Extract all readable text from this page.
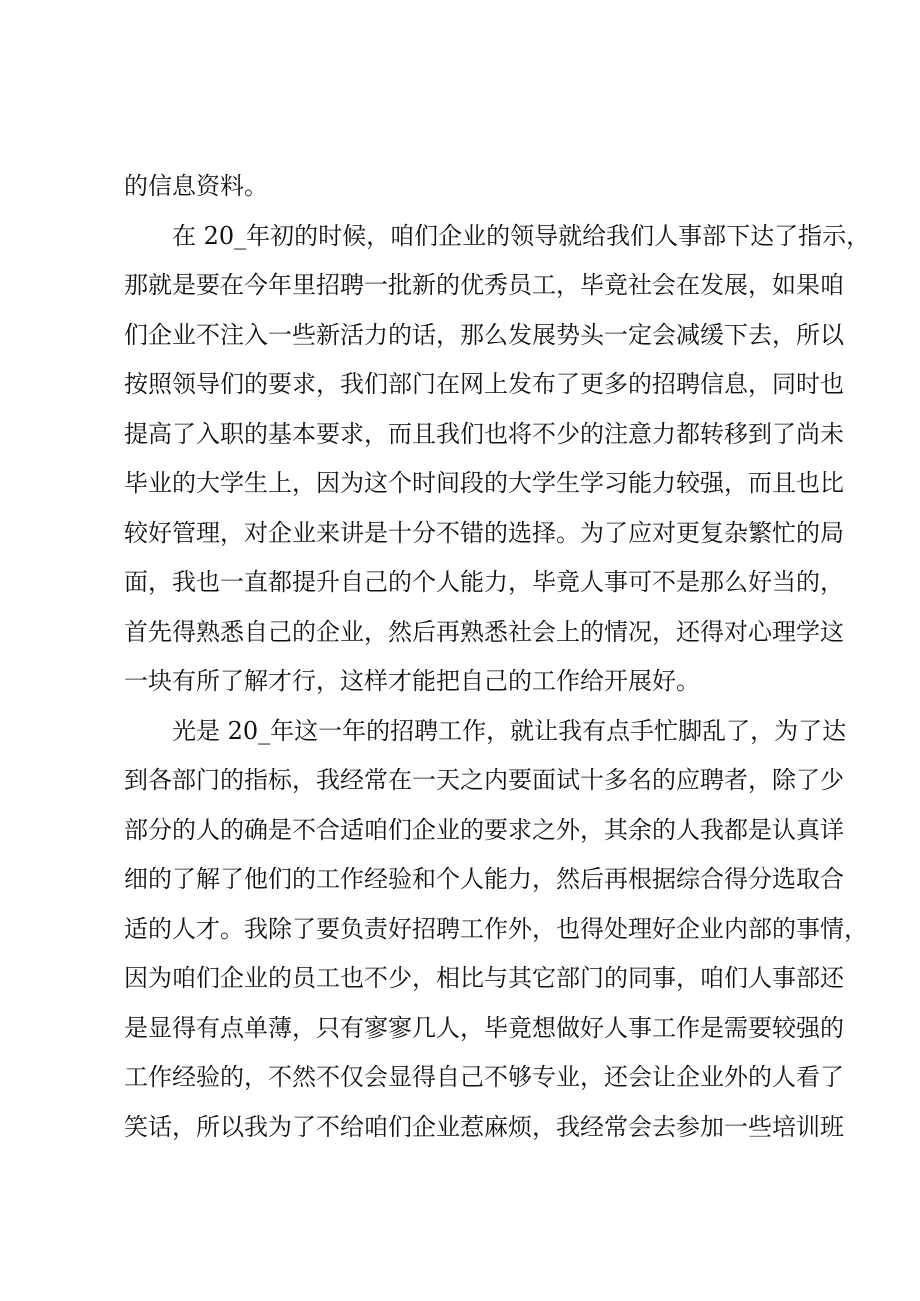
的信息资料。
在 20_年初的时候，咱们企业的领导就给我们人事部下达了指示，
那就是要在今年里招聘一批新的优秀员工，毕竟社会在发展，如果咱
们企业不注入一些新活力的话，那么发展势头一定会减缓下去，所以
按照领导们的要求，我们部门在网上发布了更多的招聘信息，同时也
提高了入职的基本要求，而且我们也将不少的注意力都转移到了尚未
毕业的大学生上，因为这个时间段的大学生学习能力较强，而且也比
较好管理，对企业来讲是十分不错的选择。为了应对更复杂繁忙的局
面，我也一直都提升自己的个人能力，毕竟人事可不是那么好当的，
首先得熟悉自己的企业，然后再熟悉社会上的情况，还得对心理学这
一块有所了解才行，这样才能把自己的工作给开展好。
光是 20_年这一年的招聘工作，就让我有点手忙脚乱了，为了达
到各部门的指标，我经常在一天之内要面试十多名的应聘者，除了少
部分的人的确是不合适咱们企业的要求之外，其余的人我都是认真详
细的了解了他们的工作经验和个人能力，然后再根据综合得分选取合
适的人才。我除了要负责好招聘工作外，也得处理好企业内部的事情，
因为咱们企业的员工也不少，相比与其它部门的同事，咱们人事部还
是显得有点单薄，只有寥寥几人，毕竟想做好人事工作是需要较强的
工作经验的，不然不仅会显得自己不够专业，还会让企业外的人看了
笑话，所以我为了不给咱们企业惹麻烦，我经常会去参加一些培训班
